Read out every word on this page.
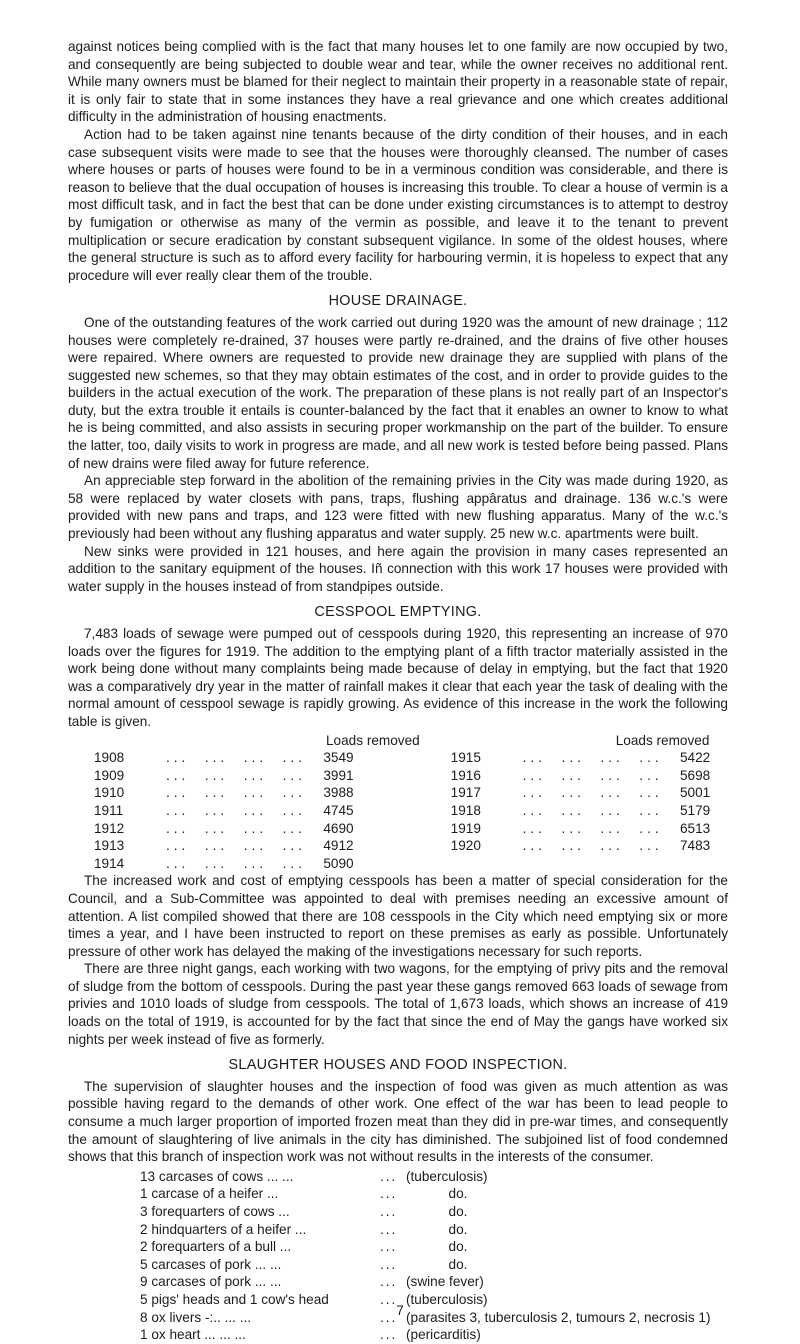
against notices being complied with is the fact that many houses let to one family are now occupied by two, and consequently are being subjected to double wear and tear, while the owner receives no additional rent. While many owners must be blamed for their neglect to maintain their property in a reasonable state of repair, it is only fair to state that in some instances they have a real grievance and one which creates additional difficulty in the administration of housing enactments.

Action had to be taken against nine tenants because of the dirty condition of their houses, and in each case subsequent visits were made to see that the houses were thoroughly cleansed. The number of cases where houses or parts of houses were found to be in a verminous condition was considerable, and there is reason to believe that the dual occupation of houses is increasing this trouble. To clear a house of vermin is a most difficult task, and in fact the best that can be done under existing circumstances is to attempt to destroy by fumigation or otherwise as many of the vermin as possible, and leave it to the tenant to prevent multiplication or secure eradication by constant subsequent vigilance. In some of the oldest houses, where the general structure is such as to afford every facility for harbouring vermin, it is hopeless to expect that any procedure will ever really clear them of the trouble.

HOUSE DRAINAGE.

One of the outstanding features of the work carried out during 1920 was the amount of new drainage ; 112 houses were completely re-drained, 37 houses were partly re-drained, and the drains of five other houses were repaired. Where owners are requested to provide new drainage they are supplied with plans of the suggested new schemes, so that they may obtain estimates of the cost, and in order to provide guides to the builders in the actual execution of the work. The preparation of these plans is not really part of an Inspector's duty, but the extra trouble it entails is counter-balanced by the fact that it enables an owner to know to what he is being committed, and also assists in securing proper workmanship on the part of the builder. To ensure the latter, too, daily visits to work in progress are made, and all new work is tested before being passed. Plans of new drains were filed away for future reference.

An appreciable step forward in the abolition of the remaining privies in the City was made during 1920, as 58 were replaced by water closets with pans, traps, flushing appâratus and drainage. 136 w.c.'s were provided with new pans and traps, and 123 were fitted with new flushing apparatus. Many of the w.c.'s previously had been without any flushing apparatus and water supply. 25 new w.c. apartments were built.

New sinks were provided in 121 houses, and here again the provision in many cases represented an addition to the sanitary equipment of the houses. Iñ connection with this work 17 houses were provided with water supply in the houses instead of from standpipes outside.

CESSPOOL EMPTYING.

7,483 loads of sewage were pumped out of cesspools during 1920, this representing an increase of 970 loads over the figures for 1919. The addition to the emptying plant of a fifth tractor materially assisted in the work being done without many complaints being made because of delay in emptying, but the fact that 1920 was a comparatively dry year in the matter of rainfall makes it clear that each year the task of dealing with the normal amount of cesspool sewage is rapidly growing. As evidence of this increase in the work the following table is given.

Loads removed	Loads removed
1908	...  ...  ...  ...	3549	1915	...  ...  ...  ...	5422
1909	...  ...  ...  ...	3991	1916	...  ...  ...  ...	5698
1910	...  ...  ...  ...	3988	1917	...  ...  ...  ...	5001
1911	...  ...  ...  ...	4745	1918	...  ...  ...  ...	5179
1912	...  ...  ...  ...	4690	1919	...  ...  ...  ...	6513
1913	...  ...  ...  ...	4912	1920	...  ...  ...  ...	7483
1914	...  ...  ...  ...	5090

The increased work and cost of emptying cesspools has been a matter of special consideration for the Council, and a Sub-Committee was appointed to deal with premises needing an excessive amount of attention. A list compiled showed that there are 108 cesspools in the City which need emptying six or more times a year, and I have been instructed to report on these premises as early as possible. Unfortunately pressure of other work has delayed the making of the investigations necessary for such reports.

There are three night gangs, each working with two wagons, for the emptying of privy pits and the removal of sludge from the bottom of cesspools. During the past year these gangs removed 663 loads of sewage from privies and 1010 loads of sludge from cesspools. The total of 1,673 loads, which shows an increase of 419 loads on the total of 1919, is accounted for by the fact that since the end of May the gangs have worked six nights per week instead of five as formerly.

SLAUGHTER HOUSES AND FOOD INSPECTION.

The supervision of slaughter houses and the inspection of food was given as much attention as was possible having regard to the demands of other work. One effect of the war has been to lead people to consume a much larger proportion of imported frozen meat than they did in pre-war times, and consequently the amount of slaughtering of live animals in the city has diminished. The subjoined list of food condemned shows that this branch of inspection work was not without results in the interests of the consumer.

13 carcases of cows ... ...	... (tuberculosis)
1 carcase of a heifer ...	...	do.
3 forequarters of cows ...	...	do.
2 hindquarters of a heifer ...	...	do.
2 forequarters of a bull ...	...	do.
5 carcases of pork ... ...	...	do.
9 carcases of pork ... ...	... (swine fever)
5 pigs' heads and 1 cow's head	... (tuberculosis)
8 ox livers -:.. ... ...	... (parasites 3, tuberculosis 2, tumours 2, necrosis 1)
1 ox heart ... ... ...	... (pericarditis)
7
